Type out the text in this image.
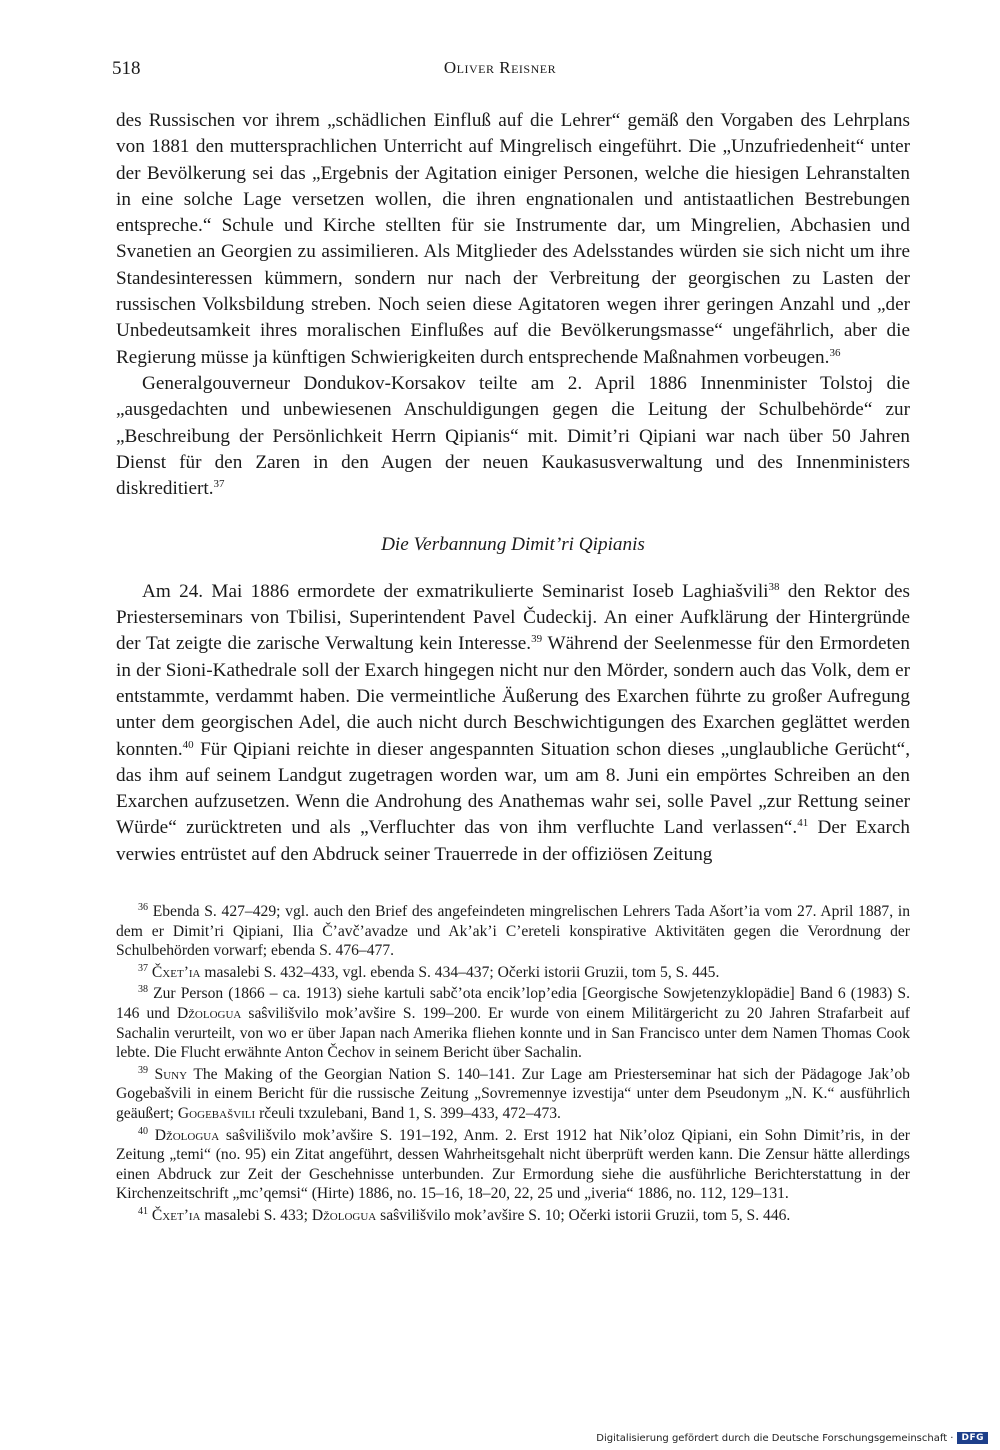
518	Oliver Reisner

des Russischen vor ihrem „schädlichen Einfluß auf die Lehrer“ gemäß den Vorgaben des Lehrplans von 1881 den muttersprachlichen Unterricht auf Mingrelisch eingeführt. Die „Unzufriedenheit“ unter der Bevölkerung sei das „Ergebnis der Agitation einiger Personen, welche die hiesigen Lehranstalten in eine solche Lage versetzen wollen, die ihren engnationalen und antistaatlichen Bestrebungen entspreche.“ Schule und Kirche stellten für sie Instrumente dar, um Mingrelien, Abchasien und Svanetien an Georgien zu assimilieren. Als Mitglieder des Adelsstandes würden sie sich nicht um ihre Standesinteressen kümmern, sondern nur nach der Verbreitung der georgischen zu Lasten der russischen Volksbildung streben. Noch seien diese Agitatoren wegen ihrer geringen Anzahl und „der Unbedeutsamkeit ihres moralischen Einflußes auf die Bevölkerungsmasse“ ungefährlich, aber die Regierung müsse ja künftigen Schwierigkeiten durch entsprechende Maßnahmen vorbeugen.$^{36}$

Generalgouverneur Dondukov-Korsakov teilte am 2. April 1886 Innenminister Tolstoj die „ausgedachten und unbewiesenen Anschuldigungen gegen die Leitung der Schulbehörde“ zur „Beschreibung der Persönlichkeit Herrn Qipianis“ mit. Dimit’ri Qipiani war nach über 50 Jahren Dienst für den Zaren in den Augen der neuen Kaukasusverwaltung und des Innenministers diskreditiert.$^{37}$

Die Verbannung Dimit’ri Qipianis

Am 24. Mai 1886 ermordete der exmatrikulierte Seminarist Ioseb Laghiašvili$^{38}$ den Rektor des Priesterseminars von Tbilisi, Superintendent Pavel Čudeckij. An einer Aufklärung der Hintergründe der Tat zeigte die zarische Verwaltung kein Interesse.$^{39}$ Während der Seelenmesse für den Ermordeten in der Sioni-Kathedrale soll der Exarch hingegen nicht nur den Mörder, sondern auch das Volk, dem er entstammte, verdammt haben. Die vermeintliche Äußerung des Exarchen führte zu großer Aufregung unter dem georgischen Adel, die auch nicht durch Beschwichtigungen des Exarchen geglättet werden konnten.$^{40}$ Für Qipiani reichte in dieser angespannten Situation schon dieses „unglaubliche Gerücht“, das ihm auf seinem Landgut zugetragen worden war, um am 8. Juni ein empörtes Schreiben an den Exarchen aufzusetzen. Wenn die Androhung des Anathemas wahr sei, solle Pavel „zur Rettung seiner Würde“ zurücktreten und als „Verfluchter das von ihm verfluchte Land verlassen“.$^{41}$ Der Exarch verwies entrüstet auf den Abdruck seiner Trauerrede in der offiziösen Zeitung

$^{36}$ Ebenda S. 427–429; vgl. auch den Brief des angefeindeten mingrelischen Lehrers Tada Ašort’ia vom 27. April 1887, in dem er Dimit’ri Qipiani, Ilia Č’avč’avadze und Ak’ak’i C’ereteli konspirative Aktivitäten gegen die Verordnung der Schulbehörden vorwarf; ebenda S. 476–477.

$^{37}$ Čxet’ia masalebi S. 432–433, vgl. ebenda S. 434–437; Očerki istorii Gruzii, tom 5, S. 445.

$^{38}$ Zur Person (1866 – ca. 1913) siehe kartuli sabč’ota encik’lop’edia [Georgische Sowjetenzyklopädie] Band 6 (1983) S. 146 und Džologua saŝvilišvilo mok’avšire S. 199–200. Er wurde von einem Militärgericht zu 20 Jahren Strafarbeit auf Sachalin verurteilt, von wo er über Japan nach Amerika fliehen konnte und in San Francisco unter dem Namen Thomas Cook lebte. Die Flucht erwähnte Anton Čechov in seinem Bericht über Sachalin.

$^{39}$ Suny The Making of the Georgian Nation S. 140–141. Zur Lage am Priesterseminar hat sich der Pädagoge Jak’ob Gogebašvili in einem Bericht für die russische Zeitung „Sovremennye izvestija“ unter dem Pseudonym „N. K.“ ausführlich geäußert; Gogebašvili rčeuli txzulebani, Band 1, S. 399–433, 472–473.

$^{40}$ Džologua saŝvilišvilo mok’avšire S. 191–192, Anm. 2. Erst 1912 hat Nik’oloz Qipiani, ein Sohn Dimit’ris, in der Zeitung „temi“ (no. 95) ein Zitat angeführt, dessen Wahrheitsgehalt nicht überprüft werden kann. Die Zensur hätte allerdings einen Abdruck zur Zeit der Geschehnisse unterbunden. Zur Ermordung siehe die ausführliche Berichterstattung in der Kirchenzeitschrift „mc’qemsi“ (Hirte) 1886, no. 15–16, 18–20, 22, 25 und „iveria“ 1886, no. 112, 129–131.

$^{41}$ Čxet’ia masalebi S. 433; Džologua saŝvilišvilo mok’avšire S. 10; Očerki istorii Gruzii, tom 5, S. 446.

Digitalisierung gefördert durch die Deutsche Forschungsgemeinschaft · DFG
